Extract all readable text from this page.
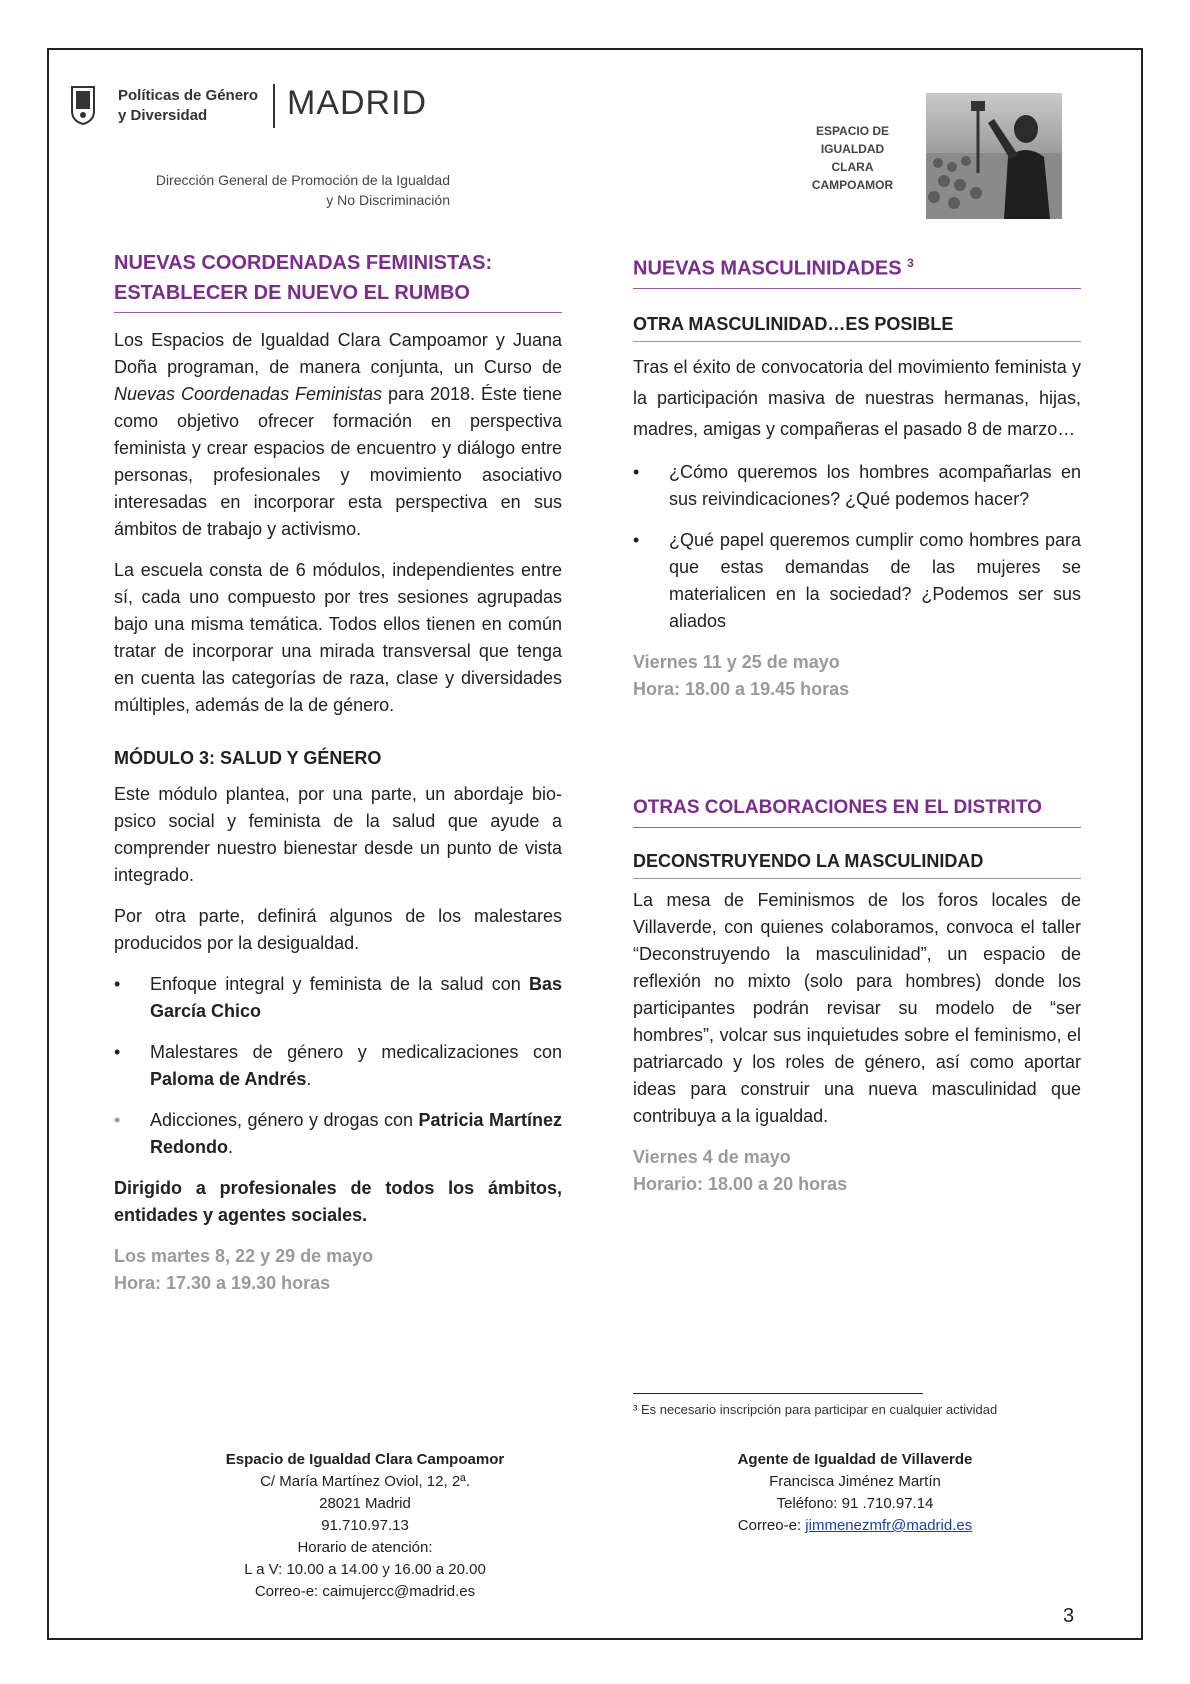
Políticas de Género
y Diversidad	MADRID
Dirección General de Promoción de la Igualdad
y No Discriminación
ESPACIO DE
IGUALDAD
CLARA
CAMPOAMOR
NUEVAS COORDENADAS FEMINISTAS:
ESTABLECER DE NUEVO EL RUMBO

Los Espacios de Igualdad Clara Campoamor y Juana Doña programan, de manera conjunta, un Curso de Nuevas Coordenadas Feministas para 2018. Éste tiene como objetivo ofrecer formación en perspectiva feminista y crear espacios de encuentro y diálogo entre personas, profesionales y movimiento asociativo interesadas en incorporar esta perspectiva en sus ámbitos de trabajo y activismo.

La escuela consta de 6 módulos, independientes entre sí, cada uno compuesto por tres sesiones agrupadas bajo una misma temática. Todos ellos tienen en común tratar de incorporar una mirada transversal que tenga en cuenta las categorías de raza, clase y diversidades múltiples, además de la de género.

MÓDULO 3: SALUD Y GÉNERO

Este módulo plantea, por una parte, un abordaje bio-psico social y feminista de la salud que ayude a comprender nuestro bienestar desde un punto de vista integrado.

Por otra parte, definirá algunos de los malestares producidos por la desigualdad.

• Enfoque integral y feminista de la salud con Bas García Chico
• Malestares de género y medicalizaciones con Paloma de Andrés.
• Adicciones, género y drogas con Patricia Martínez Redondo.

Dirigido a profesionales de todos los ámbitos, entidades y agentes sociales.

Los martes 8, 22 y 29 de mayo
Hora: 17.30 a 19.30 horas
NUEVAS MASCULINIDADES $^3$
OTRA MASCULINIDAD…ES POSIBLE

Tras el éxito de convocatoria del movimiento feminista y la participación masiva de nuestras hermanas, hijas, madres, amigas y compañeras el pasado 8 de marzo…

• ¿Cómo queremos los hombres acompañarlas en sus reivindicaciones? ¿Qué podemos hacer?
• ¿Qué papel queremos cumplir como hombres para que estas demandas de las mujeres se materialicen en la sociedad? ¿Podemos ser sus aliados
Viernes 11 y 25 de mayo
Hora: 18.00 a 19.45 horas
OTRAS COLABORACIONES EN EL DISTRITO
DECONSTRUYENDO LA MASCULINIDAD

La mesa de Feminismos de los foros locales de Villaverde, con quienes colaboramos, convoca el taller “Deconstruyendo la masculinidad”, un espacio de reflexión no mixto (solo para hombres) donde los participantes podrán revisar su modelo de “ser hombres”, volcar sus inquietudes sobre el feminismo, el patriarcado y los roles de género, así como aportar ideas para construir una nueva masculinidad que contribuya a la igualdad.

Viernes 4 de mayo
Horario: 18.00 a 20 horas
³ Es necesario inscripción para participar en cualquier actividad
Espacio de Igualdad Clara Campoamor
C/ María Martínez Oviol, 12, 2ª.
28021 Madrid
91.710.97.13
Horario de atención:
L a V: 10.00 a 14.00 y 16.00 a 20.00
Correo-e: caimujercc@madrid.es
Agente de Igualdad de Villaverde
Francisca Jiménez Martín
Teléfono: 91 .710.97.14
Correo-e: jimmenezmfr@madrid.es
3
